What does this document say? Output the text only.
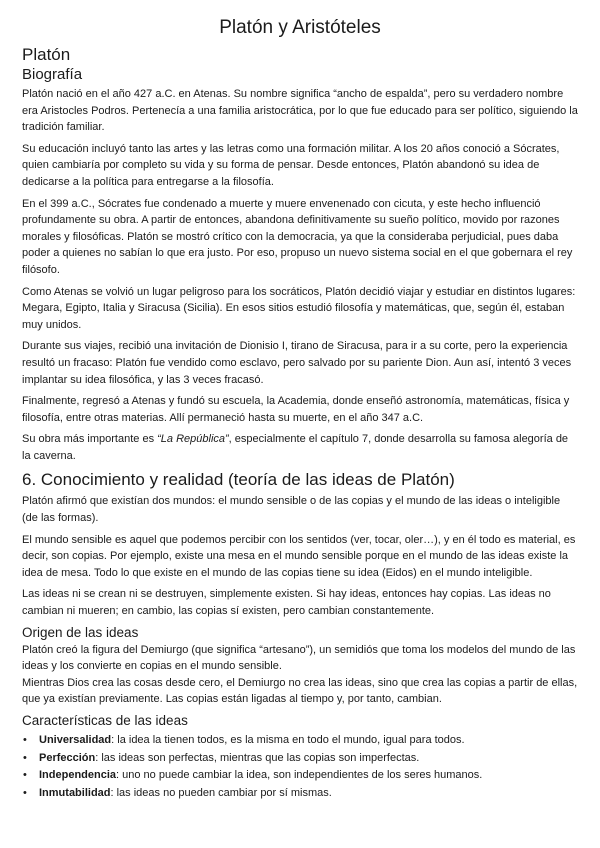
Platón y Aristóteles
Platón
Biografía

Platón nació en el año 427 a.C. en Atenas. Su nombre significa “ancho de espalda”, pero su verdadero nombre era Aristocles Podros. Pertenecía a una familia aristocrática, por lo que fue educado para ser político, siguiendo la tradición familiar.

Su educación incluyó tanto las artes y las letras como una formación militar. A los 20 años conoció a Sócrates, quien cambiaría por completo su vida y su forma de pensar. Desde entonces, Platón abandonó su idea de dedicarse a la política para entregarse a la filosofía.

En el 399 a.C., Sócrates fue condenado a muerte y muere envenenado con cicuta, y este hecho influenció profundamente su obra. A partir de entonces, abandona definitivamente su sueño político, movido por razones morales y filosóficas. Platón se mostró crítico con la democracia, ya que la consideraba perjudicial, pues daba poder a quienes no sabían lo que era justo. Por eso, propuso un nuevo sistema social en el que gobernara el rey filósofo.

Como Atenas se volvió un lugar peligroso para los socráticos, Platón decidió viajar y estudiar en distintos lugares: Megara, Egipto, Italia y Siracusa (Sicilia). En esos sitios estudió filosofía y matemáticas, que, según él, estaban muy unidos.

Durante sus viajes, recibió una invitación de Dionisio I, tirano de Siracusa, para ir a su corte, pero la experiencia resultó un fracaso: Platón fue vendido como esclavo, pero salvado por su pariente Dion. Aun así, intentó 3 veces implantar su idea filosófica, y las 3 veces fracasó.

Finalmente, regresó a Atenas y fundó su escuela, la Academia, donde enseñó astronomía, matemáticas, física y filosofía, entre otras materias. Allí permaneció hasta su muerte, en el año 347 a.C.

Su obra más importante es “La República”, especialmente el capítulo 7, donde desarrolla su famosa alegoría de la caverna.

6. Conocimiento y realidad (teoría de las ideas de Platón)

Platón afirmó que existían dos mundos: el mundo sensible o de las copias y el mundo de las ideas o inteligible (de las formas).

El mundo sensible es aquel que podemos percibir con los sentidos (ver, tocar, oler…), y en él todo es material, es decir, son copias. Por ejemplo, existe una mesa en el mundo sensible porque en el mundo de las ideas existe la idea de mesa. Todo lo que existe en el mundo de las copias tiene su idea (Eidos) en el mundo inteligible.

Las ideas ni se crean ni se destruyen, simplemente existen. Si hay ideas, entonces hay copias. Las ideas no cambian ni mueren; en cambio, las copias sí existen, pero cambian constantemente.

Origen de las ideas

Platón creó la figura del Demiurgo (que significa “artesano”), un semidiós que toma los modelos del mundo de las ideas y los convierte en copias en el mundo sensible.

Mientras Dios crea las cosas desde cero, el Demiurgo no crea las ideas, sino que crea las copias a partir de ellas, que ya existían previamente. Las copias están ligadas al tiempo y, por tanto, cambian.

Características de las ideas
• Universalidad: la idea la tienen todos, es la misma en todo el mundo, igual para todos.
• Perfección: las ideas son perfectas, mientras que las copias son imperfectas.
• Independencia: uno no puede cambiar la idea, son independientes de los seres humanos.
• Inmutabilidad: las ideas no pueden cambiar por sí mismas.
